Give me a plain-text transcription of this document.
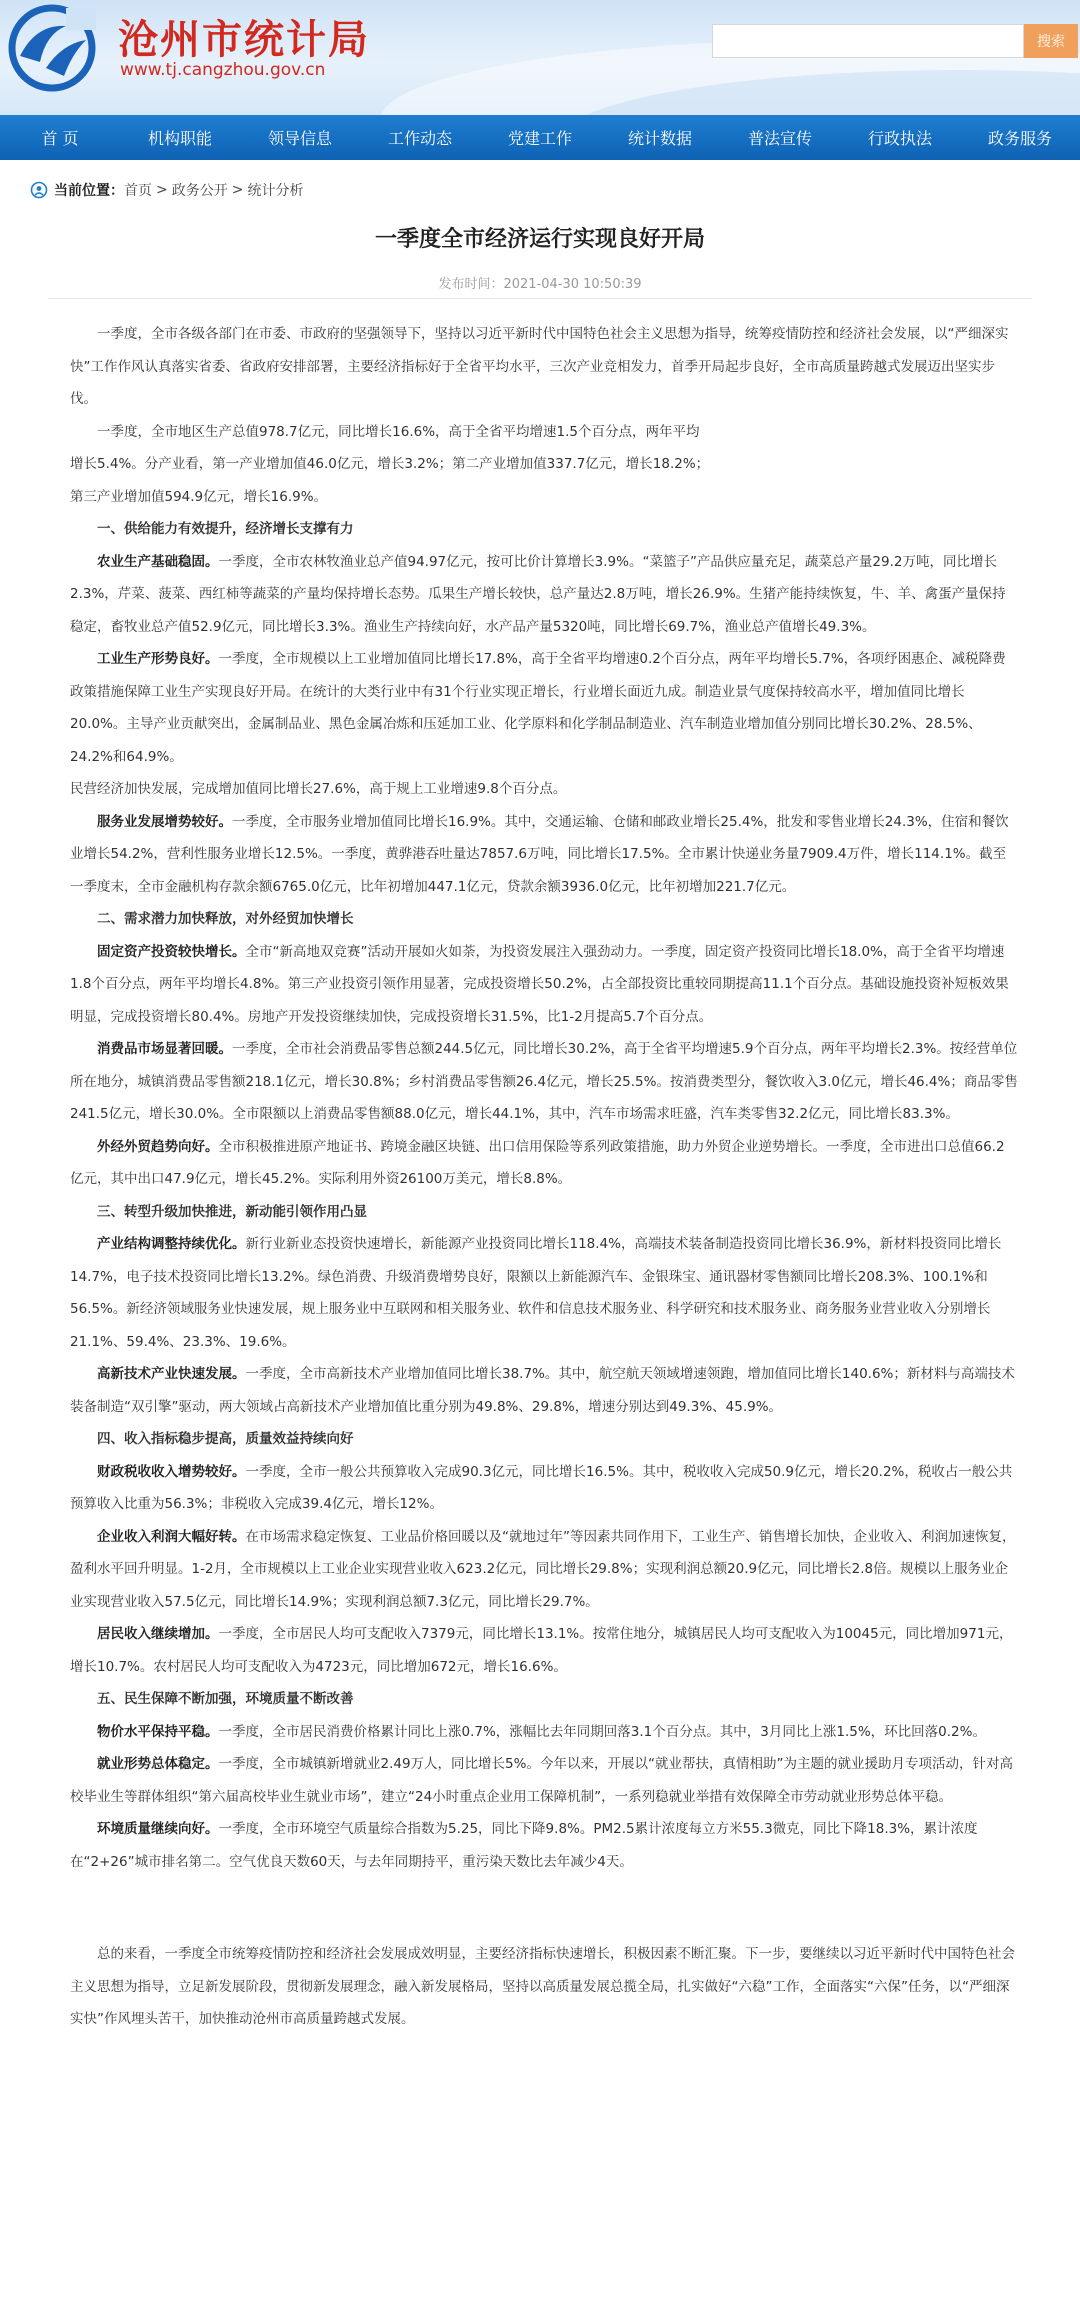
沧州市统计局
www.tj.cangzhou.gov.cn
搜索
首 页	机构职能	领导信息	工作动态	党建工作	统计数据	普法宣传	行政执法	政务服务
当前位置： 首页 > 政务公开 > 统计分析
一季度全市经济运行实现良好开局
发布时间：2021-04-30 10:50:39

一季度，全市各级各部门在市委、市政府的坚强领导下，坚持以习近平新时代中国特色社会主义思想为指导，统筹疫情防控和经济社会发展，以“严细深实快”工作作风认真落实省委、省政府安排部署，主要经济指标好于全省平均水平，三次产业竞相发力，首季开局起步良好，全市高质量跨越式发展迈出坚实步伐。

一季度，全市地区生产总值978.7亿元，同比增长16.6%，高于全省平均增速1.5个百分点，两年平均增长5.4%。分产业看，第一产业增加值46.0亿元，增长3.2%；第二产业增加值337.7亿元，增长18.2%；第三产业增加值594.9亿元，增长16.9%。

一、供给能力有效提升，经济增长支撑有力

农业生产基础稳固。一季度，全市农林牧渔业总产值94.97亿元，按可比价计算增长3.9%。“菜篮子”产品供应量充足，蔬菜总产量29.2万吨，同比增长2.3%，芹菜、菠菜、西红柿等蔬菜的产量均保持增长态势。瓜果生产增长较快，总产量达2.8万吨，增长26.9%。生猪产能持续恢复，牛、羊、禽蛋产量保持稳定，畜牧业总产值52.9亿元，同比增长3.3%。渔业生产持续向好，水产品产量5320吨，同比增长69.7%，渔业总产值增长49.3%。

工业生产形势良好。一季度，全市规模以上工业增加值同比增长17.8%，高于全省平均增速0.2个百分点，两年平均增长5.7%，各项纾困惠企、减税降费政策措施保障工业生产实现良好开局。在统计的大类行业中有31个行业实现正增长，行业增长面近九成。制造业景气度保持较高水平，增加值同比增长20.0%。主导产业贡献突出，金属制品业、黑色金属冶炼和压延加工业、化学原料和化学制品制造业、汽车制造业增加值分别同比增长30.2%、28.5%、24.2%和64.9%。

民营经济加快发展，完成增加值同比增长27.6%，高于规上工业增速9.8个百分点。

服务业发展增势较好。一季度，全市服务业增加值同比增长16.9%。其中，交通运输、仓储和邮政业增长25.4%，批发和零售业增长24.3%，住宿和餐饮业增长54.2%，营利性服务业增长12.5%。一季度，黄骅港吞吐量达7857.6万吨，同比增长17.5%。全市累计快递业务量7909.4万件，增长114.1%。截至一季度末，全市金融机构存款余额6765.0亿元，比年初增加447.1亿元，贷款余额3936.0亿元，比年初增加221.7亿元。

二、需求潜力加快释放，对外经贸加快增长

固定资产投资较快增长。全市“新高地双竞赛”活动开展如火如荼，为投资发展注入强劲动力。一季度，固定资产投资同比增长18.0%，高于全省平均增速1.8个百分点，两年平均增长4.8%。第三产业投资引领作用显著，完成投资增长50.2%，占全部投资比重较同期提高11.1个百分点。基础设施投资补短板效果明显，完成投资增长80.4%。房地产开发投资继续加快，完成投资增长31.5%，比1-2月提高5.7个百分点。

消费品市场显著回暖。一季度，全市社会消费品零售总额244.5亿元，同比增长30.2%，高于全省平均增速5.9个百分点，两年平均增长2.3%。按经营单位所在地分，城镇消费品零售额218.1亿元，增长30.8%；乡村消费品零售额26.4亿元，增长25.5%。按消费类型分，餐饮收入3.0亿元，增长46.4%；商品零售241.5亿元，增长30.0%。全市限额以上消费品零售额88.0亿元，增长44.1%，其中，汽车市场需求旺盛，汽车类零售32.2亿元，同比增长83.3%。

外经外贸趋势向好。全市积极推进原产地证书、跨境金融区块链、出口信用保险等系列政策措施，助力外贸企业逆势增长。一季度，全市进出口总值66.2亿元，其中出口47.9亿元，增长45.2%。实际利用外资26100万美元，增长8.8%。

三、转型升级加快推进，新动能引领作用凸显

产业结构调整持续优化。新行业新业态投资快速增长，新能源产业投资同比增长118.4%，高端技术装备制造投资同比增长36.9%，新材料投资同比增长14.7%，电子技术投资同比增长13.2%。绿色消费、升级消费增势良好，限额以上新能源汽车、金银珠宝、通讯器材零售额同比增长208.3%、100.1%和56.5%。新经济领域服务业快速发展，规上服务业中互联网和相关服务业、软件和信息技术服务业、科学研究和技术服务业、商务服务业营业收入分别增长21.1%、59.4%、23.3%、19.6%。

高新技术产业快速发展。一季度，全市高新技术产业增加值同比增长38.7%。其中，航空航天领域增速领跑，增加值同比增长140.6%；新材料与高端技术装备制造“双引擎”驱动，两大领域占高新技术产业增加值比重分别为49.8%、29.8%，增速分别达到49.3%、45.9%。

四、收入指标稳步提高，质量效益持续向好

财政税收收入增势较好。一季度，全市一般公共预算收入完成90.3亿元，同比增长16.5%。其中，税收收入完成50.9亿元，增长20.2%，税收占一般公共预算收入比重为56.3%；非税收入完成39.4亿元，增长12%。

企业收入利润大幅好转。在市场需求稳定恢复、工业品价格回暖以及“就地过年”等因素共同作用下，工业生产、销售增长加快，企业收入、利润加速恢复，盈利水平回升明显。1-2月，全市规模以上工业企业实现营业收入623.2亿元，同比增长29.8%；实现利润总额20.9亿元，同比增长2.8倍。规模以上服务业企业实现营业收入57.5亿元，同比增长14.9%；实现利润总额7.3亿元，同比增长29.7%。

居民收入继续增加。一季度，全市居民人均可支配收入7379元，同比增长13.1%。按常住地分，城镇居民人均可支配收入为10045元，同比增加971元，增长10.7%。农村居民人均可支配收入为4723元，同比增加672元，增长16.6%。

五、民生保障不断加强，环境质量不断改善

物价水平保持平稳。一季度，全市居民消费价格累计同比上涨0.7%，涨幅比去年同期回落3.1个百分点。其中，3月同比上涨1.5%，环比回落0.2%。

就业形势总体稳定。一季度，全市城镇新增就业2.49万人，同比增长5%。今年以来，开展以“就业帮扶，真情相助”为主题的就业援助月专项活动，针对高校毕业生等群体组织“第六届高校毕业生就业市场”，建立“24小时重点企业用工保障机制”，一系列稳就业举措有效保障全市劳动就业形势总体平稳。

环境质量继续向好。一季度，全市环境空气质量综合指数为5.25，同比下降9.8%。PM2.5累计浓度每立方米55.3微克，同比下降18.3%，累计浓度在“2+26”城市排名第二。空气优良天数60天，与去年同期持平，重污染天数比去年减少4天。

总的来看，一季度全市统筹疫情防控和经济社会发展成效明显，主要经济指标快速增长，积极因素不断汇聚。下一步，要继续以习近平新时代中国特色社会主义思想为指导，立足新发展阶段，贯彻新发展理念，融入新发展格局，坚持以高质量发展总揽全局，扎实做好“六稳”工作，全面落实“六保”任务，以“严细深实快”作风埋头苦干，加快推动沧州市高质量跨越式发展。
